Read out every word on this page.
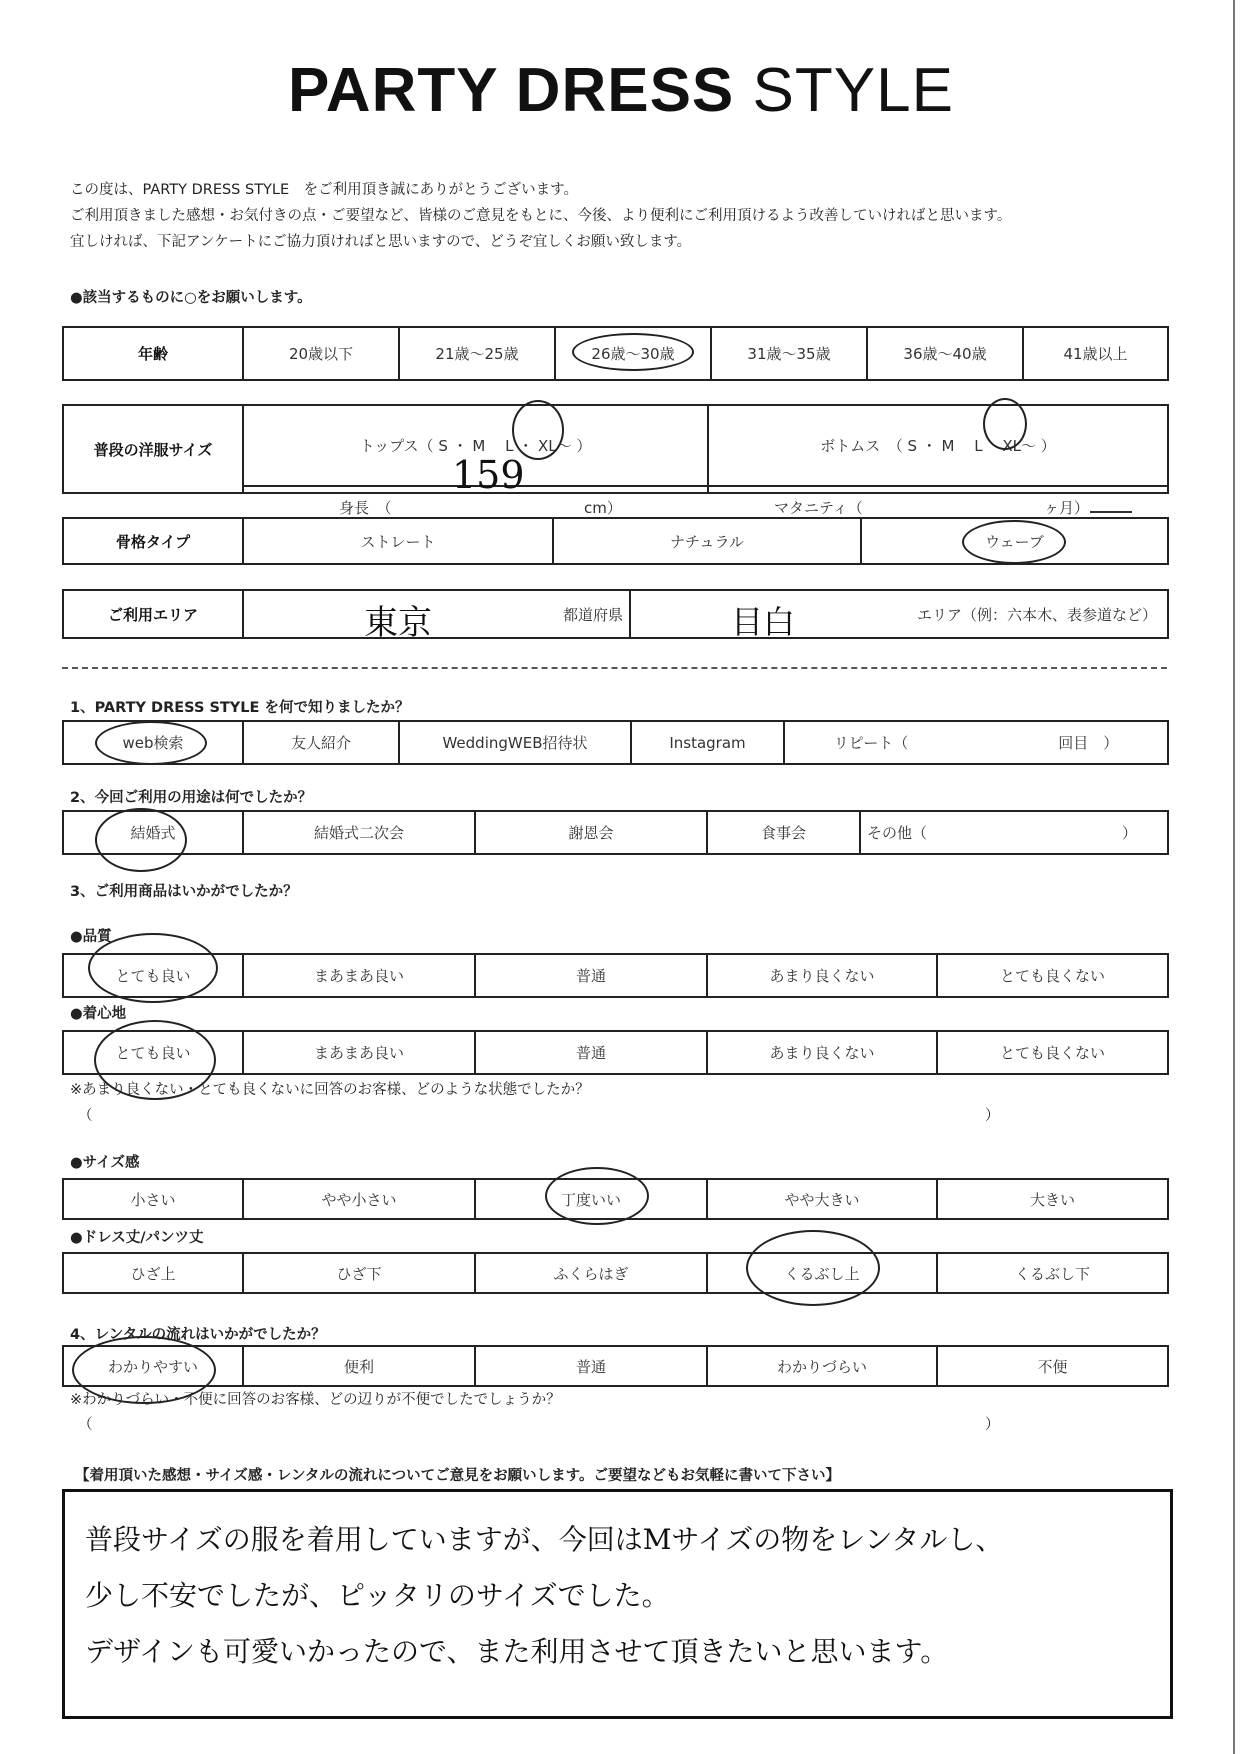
PARTY DRESS STYLE
この度は、PARTY DRESS STYLE　をご利用頂き誠にありがとうございます。
ご利用頂きました感想・お気付きの点・ご要望など、皆様のご意見をもとに、今後、より便利にご利用頂けるよう改善していければと思います。
宜しければ、下記アンケートにご協力頂ければと思いますので、どうぞ宜しくお願い致します。
●該当するものに○をお願いします。
年齢	20歳以下	21歳～25歳	26歳～30歳	31歳～35歳	36歳～40歳	41歳以上
普段の洋服サイズ	トップス（ S ・ M 　L ・ XL～ ）	ボトムス　（ S ・ M 　L 　XL～ ）

	身長　（ cm）	マタニティ（ ヶ月）
159
骨格タイプ	ストレート	ナチュラル	ウェーブ
ご利用エリア	東京	都道府県	目白	エリア（例：六本木、表参道など）
1、PARTY DRESS STYLE を何で知りましたか？
web検索	友人紹介	WeddingWEB招待状	Instagram	リピート（　　　　　　　　　　回目　）
2、今回ご利用の用途は何でしたか？
結婚式	結婚式二次会	謝恩会	食事会	その他（　　　　　　　　　　　　　）
3、ご利用商品はいかがでしたか？
●品質
とても良い	まあまあ良い	普通	あまり良くない	とても良くない
●着心地
とても良い	まあまあ良い	普通	あまり良くない	とても良くない
※あまり良くない・とても良くないに回答のお客様、どのような状態でしたか？
（	）
●サイズ感
小さい	やや小さい	丁度いい	やや大きい	大きい
●ドレス丈/パンツ丈
ひざ上	ひざ下	ふくらはぎ	くるぶし上	くるぶし下
4、レンタルの流れはいかがでしたか？
わかりやすい	便利	普通	わかりづらい	不便
※わかりづらい・不便に回答のお客様、どの辺りが不便でしたでしょうか？
（	）
【着用頂いた感想・サイズ感・レンタルの流れについてご意見をお願いします。ご要望などもお気軽に書いて下さい】
普段サイズの服を着用していますが、今回はMサイズの物をレンタルし、
少し不安でしたが、ピッタリのサイズでした。
デザインも可愛いかったので、また利用させて頂きたいと思います。
